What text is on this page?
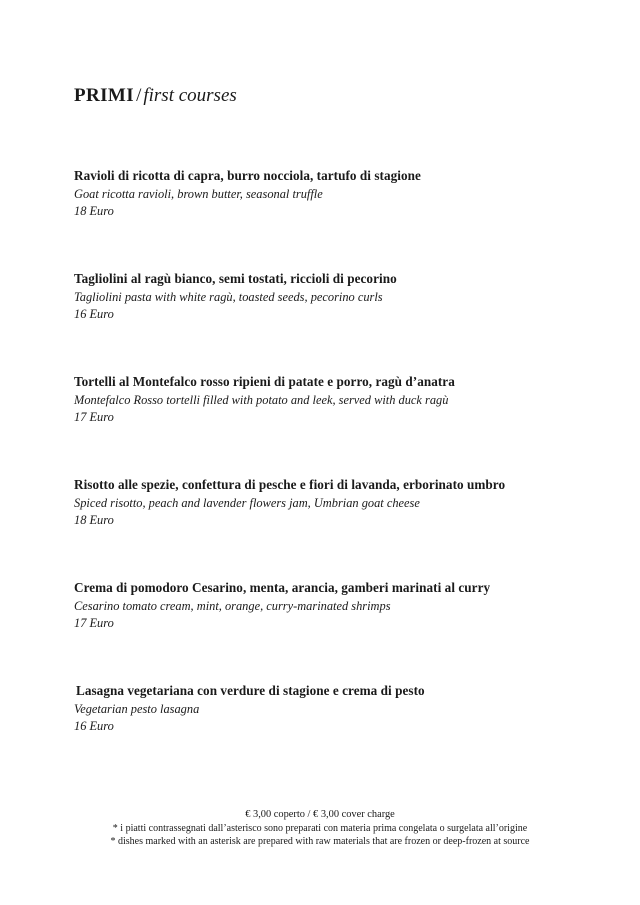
PRIMI / first courses
Ravioli di ricotta di capra, burro nocciola, tartufo di stagione
Goat ricotta ravioli, brown butter, seasonal truffle
18 Euro
Tagliolini al ragù bianco, semi tostati, riccioli di pecorino
Tagliolini pasta with white ragù, toasted seeds, pecorino curls
16 Euro
Tortelli al Montefalco rosso ripieni di patate e porro, ragù d’anatra
Montefalco Rosso tortelli filled with potato and leek, served with duck ragù
17 Euro
Risotto alle spezie, confettura di pesche e fiori di lavanda, erborinato umbro
Spiced risotto, peach and lavender flowers jam, Umbrian goat cheese
18 Euro
Crema di pomodoro Cesarino, menta, arancia, gamberi marinati al curry
Cesarino tomato cream, mint, orange, curry-marinated shrimps
17 Euro
Lasagna vegetariana con verdure di stagione e crema di pesto
Vegetarian pesto lasagna
16 Euro
€ 3,00 coperto / € 3,00 cover charge
* i piatti contrassegnati dall’asterisco sono preparati con materia prima congelata o surgelata all’origine
* dishes marked with an asterisk are prepared with raw materials that are frozen or deep-frozen at source
